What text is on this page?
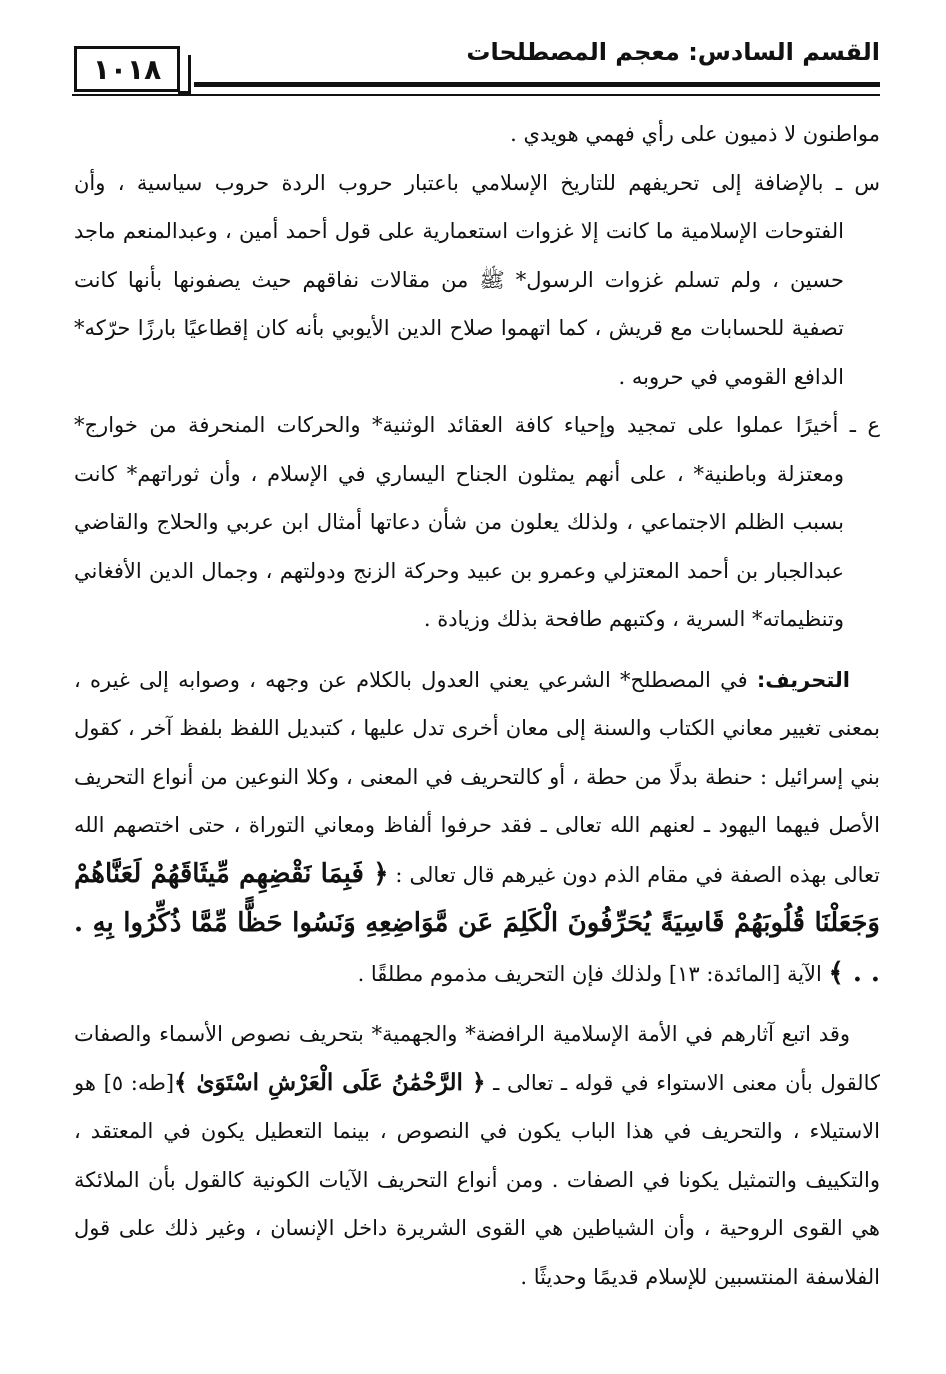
١٠١٨
القسم السادس: معجم المصطلحات

مواطنون لا ذميون على رأي فهمي هويدي .

س ـ بالإضافة إلى تحريفهم للتاريخ الإسلامي باعتبار حروب الردة حروب سياسية ، وأن الفتوحات الإسلامية ما كانت إلا غزوات استعمارية على قول أحمد أمين ، وعبدالمنعم ماجد حسين ، ولم تسلم غزوات الرسول* ﷺ من مقالات نفاقهم حيث يصفونها بأنها كانت تصفية للحسابات مع قريش ، كما اتهموا صلاح الدين الأيوبي بأنه كان إقطاعيًا بارزًا حرّكه* الدافع القومي في حروبه .

ع ـ أخيرًا عملوا على تمجيد وإحياء كافة العقائد الوثنية* والحركات المنحرفة من خوارج* ومعتزلة وباطنية* ، على أنهم يمثلون الجناح اليساري في الإسلام ، وأن ثوراتهم* كانت بسبب الظلم الاجتماعي ، ولذلك يعلون من شأن دعاتها أمثال ابن عربي والحلاج والقاضي عبدالجبار بن أحمد المعتزلي وعمرو بن عبيد وحركة الزنج ودولتهم ، وجمال الدين الأفغاني وتنظيماته* السرية ، وكتبهم طافحة بذلك وزيادة .

التحريف: في المصطلح* الشرعي يعني العدول بالكلام عن وجهه ، وصوابه إلى غيره ، بمعنى تغيير معاني الكتاب والسنة إلى معان أخرى تدل عليها ، كتبديل اللفظ بلفظ آخر ، كقول بني إسرائيل : حنطة بدلًا من حطة ، أو كالتحريف في المعنى ، وكلا النوعين من أنواع التحريف الأصل فيهما اليهود ـ لعنهم الله تعالى ـ فقد حرفوا ألفاظ ومعاني التوراة ، حتى اختصهم الله تعالى بهذه الصفة في مقام الذم دون غيرهم قال تعالى : ﴿ فَبِمَا نَقْضِهِم مِّيثَاقَهُمْ لَعَنَّاهُمْ وَجَعَلْنَا قُلُوبَهُمْ قَاسِيَةً يُحَرِّفُونَ الْكَلِمَ عَن مَّوَاضِعِهِ وَنَسُوا حَظًّا مِّمَّا ذُكِّرُوا بِهِ . . . ﴾ الآية [المائدة: ١٣] ولذلك فإن التحريف مذموم مطلقًا .

وقد اتبع آثارهم في الأمة الإسلامية الرافضة* والجهمية* بتحريف نصوص الأسماء والصفات كالقول بأن معنى الاستواء في قوله ـ تعالى ـ ﴿ الرَّحْمَٰنُ عَلَى الْعَرْشِ اسْتَوَىٰ ﴾[طه: ٥] هو الاستيلاء ، والتحريف في هذا الباب يكون في النصوص ، بينما التعطيل يكون في المعتقد ، والتكييف والتمثيل يكونا في الصفات . ومن أنواع التحريف الآيات الكونية كالقول بأن الملائكة هي القوى الروحية ، وأن الشياطين هي القوى الشريرة داخل الإنسان ، وغير ذلك على قول الفلاسفة المنتسبين للإسلام قديمًا وحديثًا .
